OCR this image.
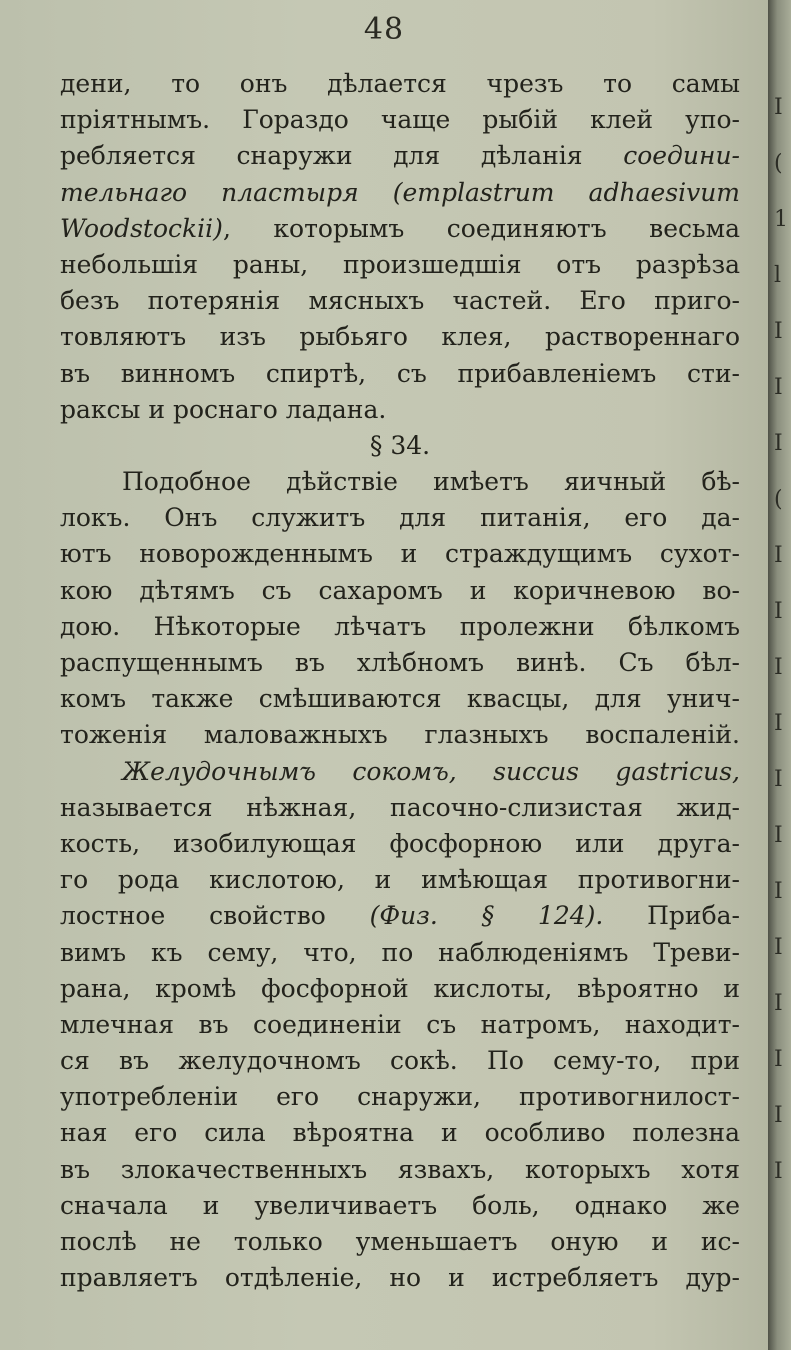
48
дени, то онъ дѣлается чрезъ то самы
пріятнымъ. Гораздо чаще рыбій клей упо-
ребляется снаружи для дѣланія соедини-
тельнаго пластыря (emplastrum adhaesivum
Woodstockii), которымъ соединяютъ весьма
небольшія раны, произшедшія отъ разрѣза
безъ потерянія мясныхъ частей. Его приго-
товляютъ изъ рыбьяго клея, раствореннаго
въ винномъ спиртѣ, съ прибавленіемъ сти-
раксы и роснаго ладана.
§ 34.
Подобное дѣйствіе имѣетъ яичный бѣ-
локъ. Онъ служитъ для питанія, его да-
ютъ новорожденнымъ и страждущимъ сухот-
кою дѣтямъ съ сахаромъ и коричневою во-
дою. Нѣкоторые лѣчатъ пролежни бѣлкомъ
распущеннымъ въ хлѣбномъ винѣ. Съ бѣл-
комъ также смѣшиваются квасцы, для унич-
тоженія маловажныхъ глазныхъ воспаленій.
Желудочнымъ сокомъ, succus gastricus,
называется нѣжная, пасочно-слизистая жид-
кость, изобилующая фосфорною или друга-
го рода кислотою, и имѣющая противогни-
лостное свойство (Физ. § 124). Приба-
вимъ къ сему, что, по наблюденіямъ Треви-
рана, кромѣ фосфорной кислоты, вѣроятно и
млечная въ соединеніи съ натромъ, находит-
ся въ желудочномъ сокѣ. По сему-то, при
употребленіи его снаружи, противогнилост-
ная его сила вѣроятна и особливо полезна
въ злокачественныхъ язвахъ, которыхъ хотя
сначала и увеличиваетъ боль, однако же
послѣ не только уменьшаетъ оную и ис-
правляетъ отдѣленіе, но и истребляетъ дур-
I
(
1
l
I
I
I
(
I
I
I
I
I
I
I
I
I
I
I
I
